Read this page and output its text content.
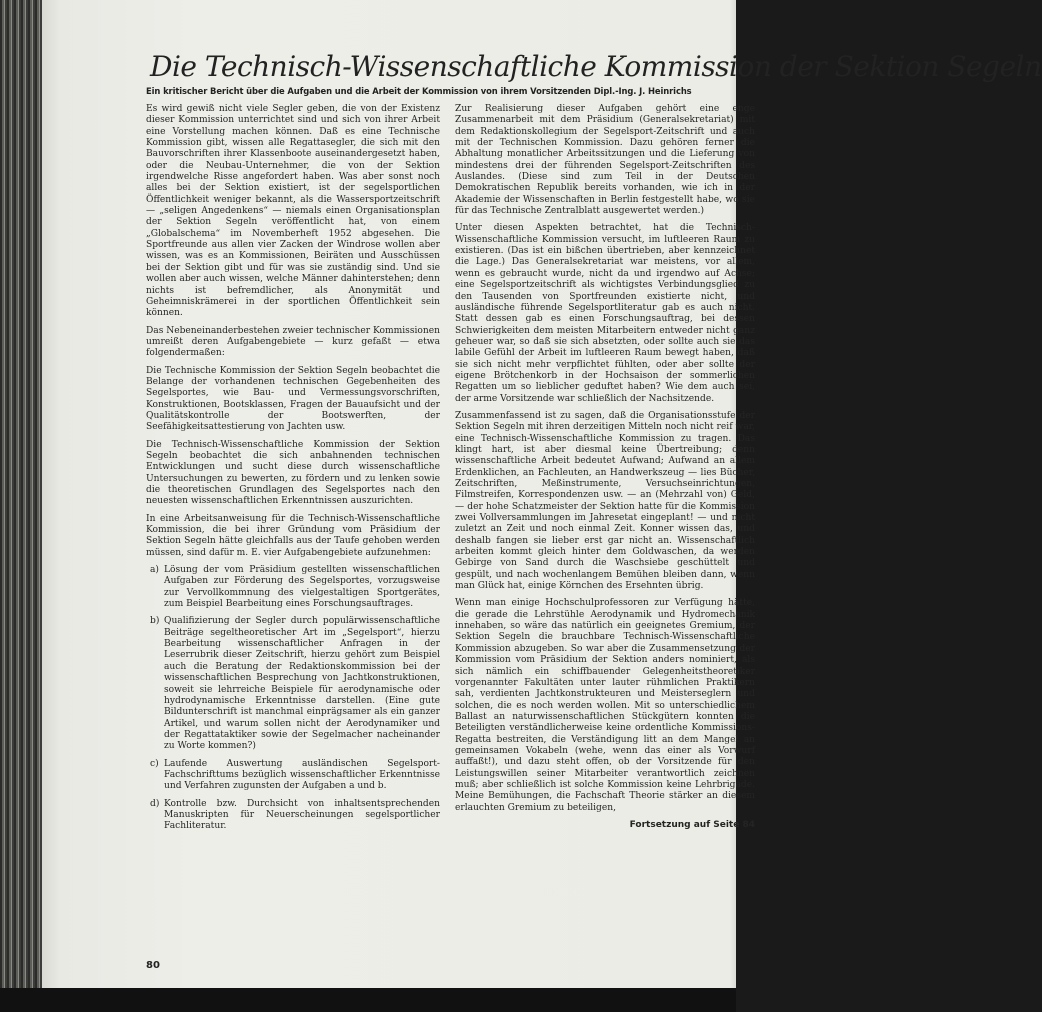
Die Technisch-Wissenschaftliche Kommission der Sektion Segeln
Ein kritischer Bericht über die Aufgaben und die Arbeit der Kommission von ihrem Vorsitzenden Dipl.-Ing. J. Heinrichs

Es wird gewiß nicht viele Segler geben, die von der Existenz dieser Kommission unterrichtet sind und sich von ihrer Arbeit eine Vorstellung machen können. Daß es eine Technische Kommission gibt, wissen alle Regattasegler, die sich mit den Bauvorschriften ihrer Klassenboote auseinandergesetzt haben, oder die Neubau-Unternehmer, die von der Sektion irgendwelche Risse angefordert haben. Was aber sonst noch alles bei der Sektion existiert, ist der segelsportlichen Öffentlichkeit weniger bekannt, als die Wassersportzeitschrift — „seligen Angedenkens“ — niemals einen Organisationsplan der Sektion Segeln veröffentlicht hat, von einem „Globalschema“ im Novemberheft 1952 abgesehen. Die Sportfreunde aus allen vier Zacken der Windrose wollen aber wissen, was es an Kommissionen, Beiräten und Ausschüssen bei der Sektion gibt und für was sie zuständig sind. Und sie wollen aber auch wissen, welche Männer dahinterstehen; denn nichts ist befremdlicher, als Anonymität und Geheimniskrämerei in der sportlichen Öffentlichkeit sein können.

Das Nebeneinanderbestehen zweier technischer Kommissionen umreißt deren Aufgabengebiete — kurz gefaßt — etwa folgendermaßen:

Die Technische Kommission der Sektion Segeln beobachtet die Belange der vorhandenen technischen Gegebenheiten des Segelsportes, wie Bau- und Vermessungsvorschriften, Konstruktionen, Bootsklassen, Fragen der Bauaufsicht und der Qualitätskontrolle der Bootswerften, der Seefähigkeitsattestierung von Jachten usw.

Die Technisch-Wissenschaftliche Kommission der Sektion Segeln beobachtet die sich anbahnenden technischen Entwicklungen und sucht diese durch wissenschaftliche Untersuchungen zu bewerten, zu fördern und zu lenken sowie die theoretischen Grundlagen des Segelsportes nach den neuesten wissenschaftlichen Erkenntnissen auszurichten.

In eine Arbeitsanweisung für die Technisch-Wissenschaftliche Kommission, die bei ihrer Gründung vom Präsidium der Sektion Segeln hätte gleichfalls aus der Taufe gehoben werden müssen, sind dafür m. E. vier Aufgabengebiete aufzunehmen:

a) Lösung der vom Präsidium gestellten wissenschaftlichen Aufgaben zur Förderung des Segelsportes, vorzugsweise zur Vervollkommnung des vielgestaltigen Sportgerätes, zum Beispiel Bearbeitung eines Forschungsauftrages.
b) Qualifizierung der Segler durch populärwissenschaftliche Beiträge segeltheoretischer Art im „Segelsport“, hierzu Bearbeitung wissenschaftlicher Anfragen in der Leserrubrik dieser Zeitschrift, hierzu gehört zum Beispiel auch die Beratung der Redaktionskommission bei der wissenschaftlichen Besprechung von Jachtkonstruktionen, soweit sie lehrreiche Beispiele für aerodynamische oder hydrodynamische Erkenntnisse darstellen. (Eine gute Bildunterschrift ist manchmal einprägsamer als ein ganzer Artikel, und warum sollen nicht der Aerodynamiker und der Regattataktiker sowie der Segelmacher nacheinander zu Worte kommen?)
c) Laufende Auswertung ausländischen Segelsport-Fachschrifttums bezüglich wissenschaftlicher Erkenntnisse und Verfahren zugunsten der Aufgaben a und b.
d) Kontrolle bzw. Durchsicht von inhaltsentsprechenden Manuskripten für Neuerscheinungen segelsportlicher Fachliteratur.

Zur Realisierung dieser Aufgaben gehört eine enge Zusammenarbeit mit dem Präsidium (Generalsekretariat) mit dem Redaktionskollegium der Segelsport-Zeitschrift und auch mit der Technischen Kommission. Dazu gehören ferner die Abhaltung monatlicher Arbeitssitzungen und die Lieferung von mindestens drei der führenden Segelsport-Zeitschriften des Auslandes. (Diese sind zum Teil in der Deutschen Demokratischen Republik bereits vorhanden, wie ich in der Akademie der Wissenschaften in Berlin festgestellt habe, wo sie für das Technische Zentralblatt ausgewertet werden.)

Unter diesen Aspekten betrachtet, hat die Technisch-Wissenschaftliche Kommission versucht, im luftleeren Raum zu existieren. (Das ist ein bißchen übertrieben, aber kennzeichnet die Lage.) Das Generalsekretariat war meistens, vor allem, wenn es gebraucht wurde, nicht da und irgendwo auf Achse; eine Segelsportzeitschrift als wichtigstes Verbindungsglied zu den Tausenden von Sportfreunden existierte nicht, und ausländische führende Segelsportliteratur gab es auch nicht. Statt dessen gab es einen Forschungsauftrag, bei dessen Schwierigkeiten dem meisten Mitarbeitern entweder nicht ganz geheuer war, so daß sie sich absetzten, oder sollte auch sie das labile Gefühl der Arbeit im luftleeren Raum bewegt haben, daß sie sich nicht mehr verpflichtet fühlten, oder aber sollte der eigene Brötchenkorb in der Hochsaison der sommerlichen Regatten um so lieblicher geduftet haben? Wie dem auch sei, der arme Vorsitzende war schließlich der Nachsitzende.

Zusammenfassend ist zu sagen, daß die Organisationsstufe der Sektion Segeln mit ihren derzeitigen Mitteln noch nicht reif war, eine Technisch-Wissenschaftliche Kommission zu tragen. Das klingt hart, ist aber diesmal keine Übertreibung; denn wissenschaftliche Arbeit bedeutet Aufwand; Aufwand an allem Erdenklichen, an Fachleuten, an Handwerkszeug — lies Bücher, Zeitschriften, Meßinstrumente, Versuchseinrichtungen, Filmstreifen, Korrespondenzen usw. — an (Mehrzahl von) Geld, — der hohe Schatzmeister der Sektion hatte für die Kommission zwei Vollversammlungen im Jahresetat eingeplant! — und nicht zuletzt an Zeit und noch einmal Zeit. Konner wissen das, und deshalb fangen sie lieber erst gar nicht an. Wissenschaftlich arbeiten kommt gleich hinter dem Goldwaschen, da werden Gebirge von Sand durch die Waschsiebe geschüttelt und gespült, und nach wochenlangem Bemühen bleiben dann, wenn man Glück hat, einige Körnchen des Ersehnten übrig.

Wenn man einige Hochschulprofessoren zur Verfügung hätte, die gerade die Lehrstühle Aerodynamik und Hydromechanik innehaben, so wäre das natürlich ein geeignetes Gremium, der Sektion Segeln die brauchbare Technisch-Wissenschaftliche Kommission abzugeben. So war aber die Zusammensetzung der Kommission vom Präsidium der Sektion anders nominiert, als sich nämlich ein schiffbauender Gelegenheitstheoretiker vorgenannter Fakultäten unter lauter rühmlichen Praktikern sah, verdienten Jachtkonstrukteuren und Meisterseglern und solchen, die es noch werden wollen. Mit so unterschiedlichem Ballast an naturwissenschaftlichen Stückgütern konnten die Beteiligten verständlicherweise keine ordentliche Kommissions-Regatta bestreiten, die Verständigung litt an dem Mangel an gemeinsamen Vokabeln (wehe, wenn das einer als Vorwurf auffaßt!), und dazu steht offen, ob der Vorsitzende für den Leistungswillen seiner Mitarbeiter verantwortlich zeichnen muß; aber schließlich ist solche Kommission keine Lehrbrigade. Meine Bemühungen, die Fachschaft Theorie stärker an diesem erlauchten Gremium zu beteiligen,

Fortsetzung auf Seite 84
80
